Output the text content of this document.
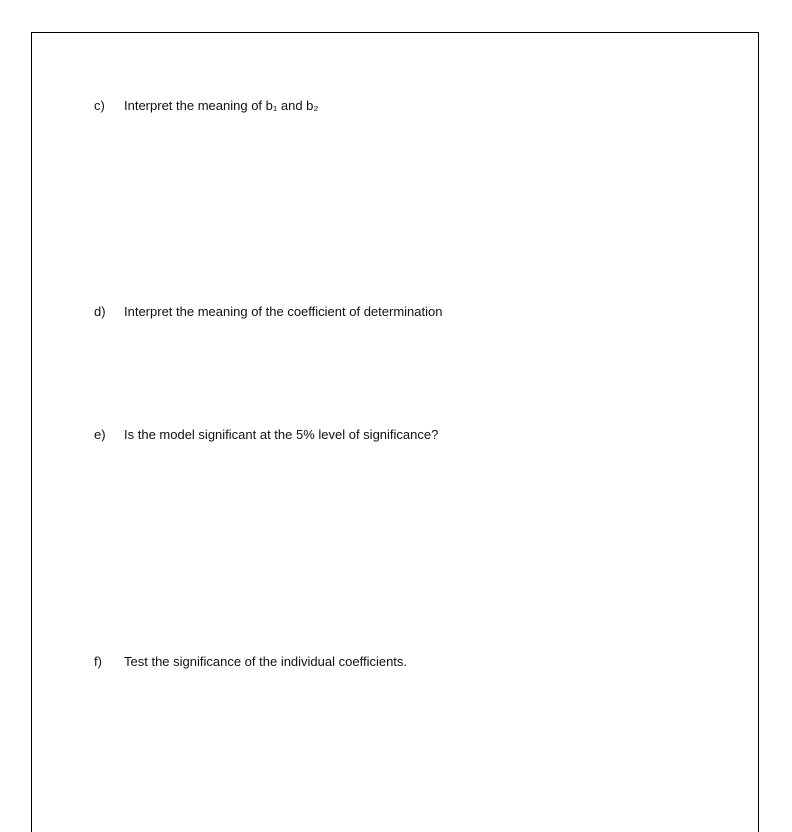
c) Interpret the meaning of b₁ and b₂
d) Interpret the meaning of the coefficient of determination
e) Is the model significant at the 5% level of significance?
f) Test the significance of the individual coefficients.
